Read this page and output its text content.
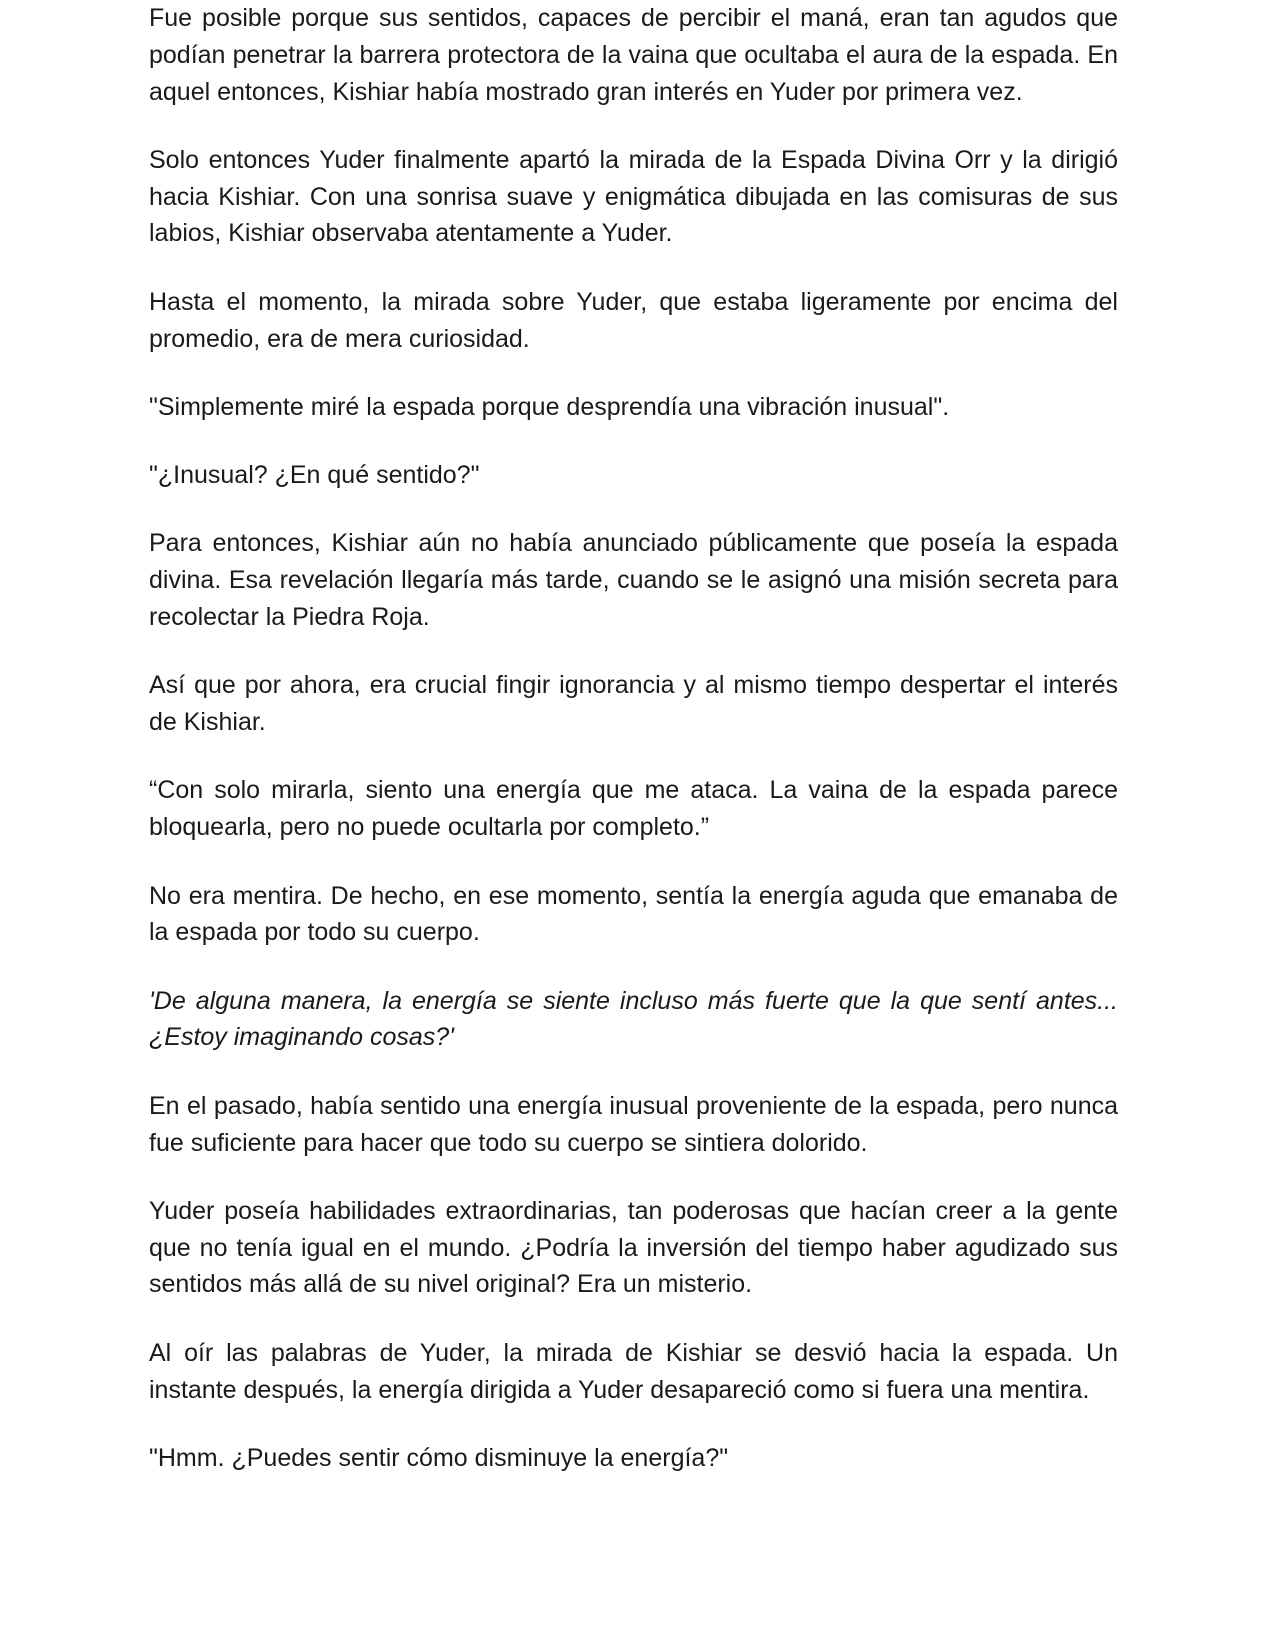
Fue posible porque sus sentidos, capaces de percibir el maná, eran tan agudos que podían penetrar la barrera protectora de la vaina que ocultaba el aura de la espada. En aquel entonces, Kishiar había mostrado gran interés en Yuder por primera vez.

Solo entonces Yuder finalmente apartó la mirada de la Espada Divina Orr y la dirigió hacia Kishiar. Con una sonrisa suave y enigmática dibujada en las comisuras de sus labios, Kishiar observaba atentamente a Yuder.

Hasta el momento, la mirada sobre Yuder, que estaba ligeramente por encima del promedio, era de mera curiosidad.

"Simplemente miré la espada porque desprendía una vibración inusual".

"¿Inusual? ¿En qué sentido?"

Para entonces, Kishiar aún no había anunciado públicamente que poseía la espada divina. Esa revelación llegaría más tarde, cuando se le asignó una misión secreta para recolectar la Piedra Roja.

Así que por ahora, era crucial fingir ignorancia y al mismo tiempo despertar el interés de Kishiar.

“Con solo mirarla, siento una energía que me ataca. La vaina de la espada parece bloquearla, pero no puede ocultarla por completo.”

No era mentira. De hecho, en ese momento, sentía la energía aguda que emanaba de la espada por todo su cuerpo.

'De alguna manera, la energía se siente incluso más fuerte que la que sentí antes... ¿Estoy imaginando cosas?'

En el pasado, había sentido una energía inusual proveniente de la espada, pero nunca fue suficiente para hacer que todo su cuerpo se sintiera dolorido.

Yuder poseía habilidades extraordinarias, tan poderosas que hacían creer a la gente que no tenía igual en el mundo. ¿Podría la inversión del tiempo haber agudizado sus sentidos más allá de su nivel original? Era un misterio.

Al oír las palabras de Yuder, la mirada de Kishiar se desvió hacia la espada. Un instante después, la energía dirigida a Yuder desapareció como si fuera una mentira.

"Hmm. ¿Puedes sentir cómo disminuye la energía?"
